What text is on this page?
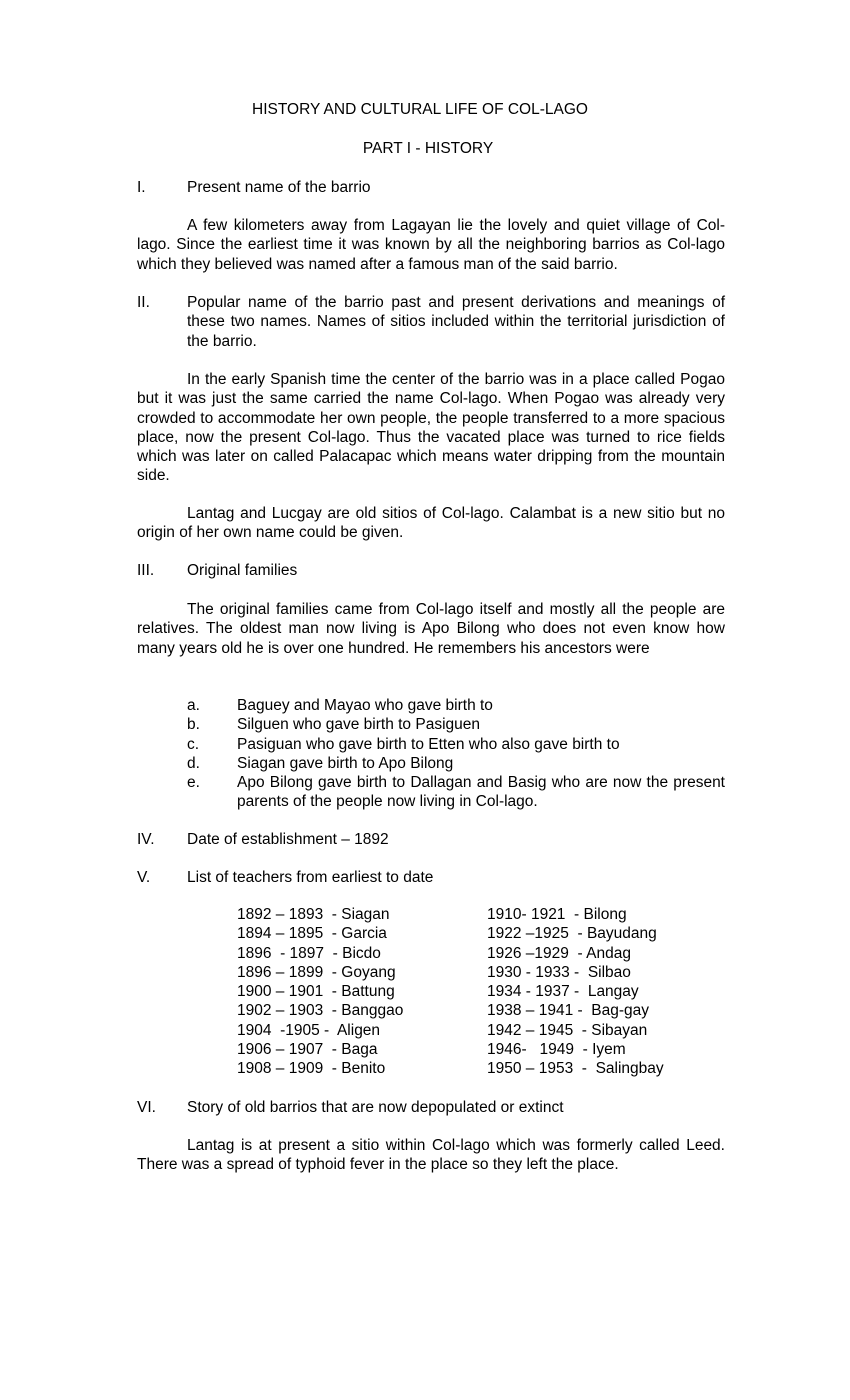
HISTORY AND CULTURAL LIFE OF COL-LAGO
PART I - HISTORY
I.	Present name of the barrio
A few kilometers away from Lagayan lie the lovely and quiet village of Col-lago. Since the earliest time it was known by all the neighboring barrios as Col-lago which they believed was named after a famous man of the said barrio.
II. Popular name of the barrio past and present derivations and meanings of these two names. Names of sitios included within the territorial jurisdiction of the barrio.
In the early Spanish time the center of the barrio was in a place called Pogao but it was just the same carried the name Col-lago. When Pogao was already very crowded to accommodate her own people, the people transferred to a more spacious place, now the present Col-lago. Thus the vacated place was turned to rice fields which was later on called Palacapac which means water dripping from the mountain side.
Lantag and Lucgay are old sitios of Col-lago. Calambat is a new sitio but no origin of her own name could be given.
III. Original families
The original families came from Col-lago itself and mostly all the people are relatives. The oldest man now living is Apo Bilong who does not even know how many years old he is over one hundred. He remembers his ancestors were
a. Baguey and Mayao who gave birth to
b. Silguen who gave birth to Pasiguen
c. Pasiguan who gave birth to Etten who also gave birth to
d. Siagan gave birth to Apo Bilong
e. Apo Bilong gave birth to Dallagan and Basig who are now the present parents of the people now living in Col-lago.
IV. Date of establishment – 1892
V. List of teachers from earliest to date
1892 – 1893  - Siagan
1894 – 1895  - Garcia
1896  - 1897  - Bicdo
1896 – 1899  - Goyang
1900 – 1901  - Battung
1902 – 1903  - Banggao
1904  -1905 -  Aligen
1906 – 1907  - Baga
1908 – 1909  - Benito
1910- 1921  - Bilong
1922 –1925  - Bayudang
1926 –1929  - Andag
1930 - 1933 -  Silbao
1934 - 1937 -  Langay
1938 – 1941 -  Bag-gay
1942 – 1945  - Sibayan
1946-   1949  - Iyem
1950 – 1953  -  Salingbay
VI. Story of old barrios that are now depopulated or extinct
Lantag is at present a sitio within Col-lago which was formerly called Leed. There was a spread of typhoid fever in the place so they left the place.
